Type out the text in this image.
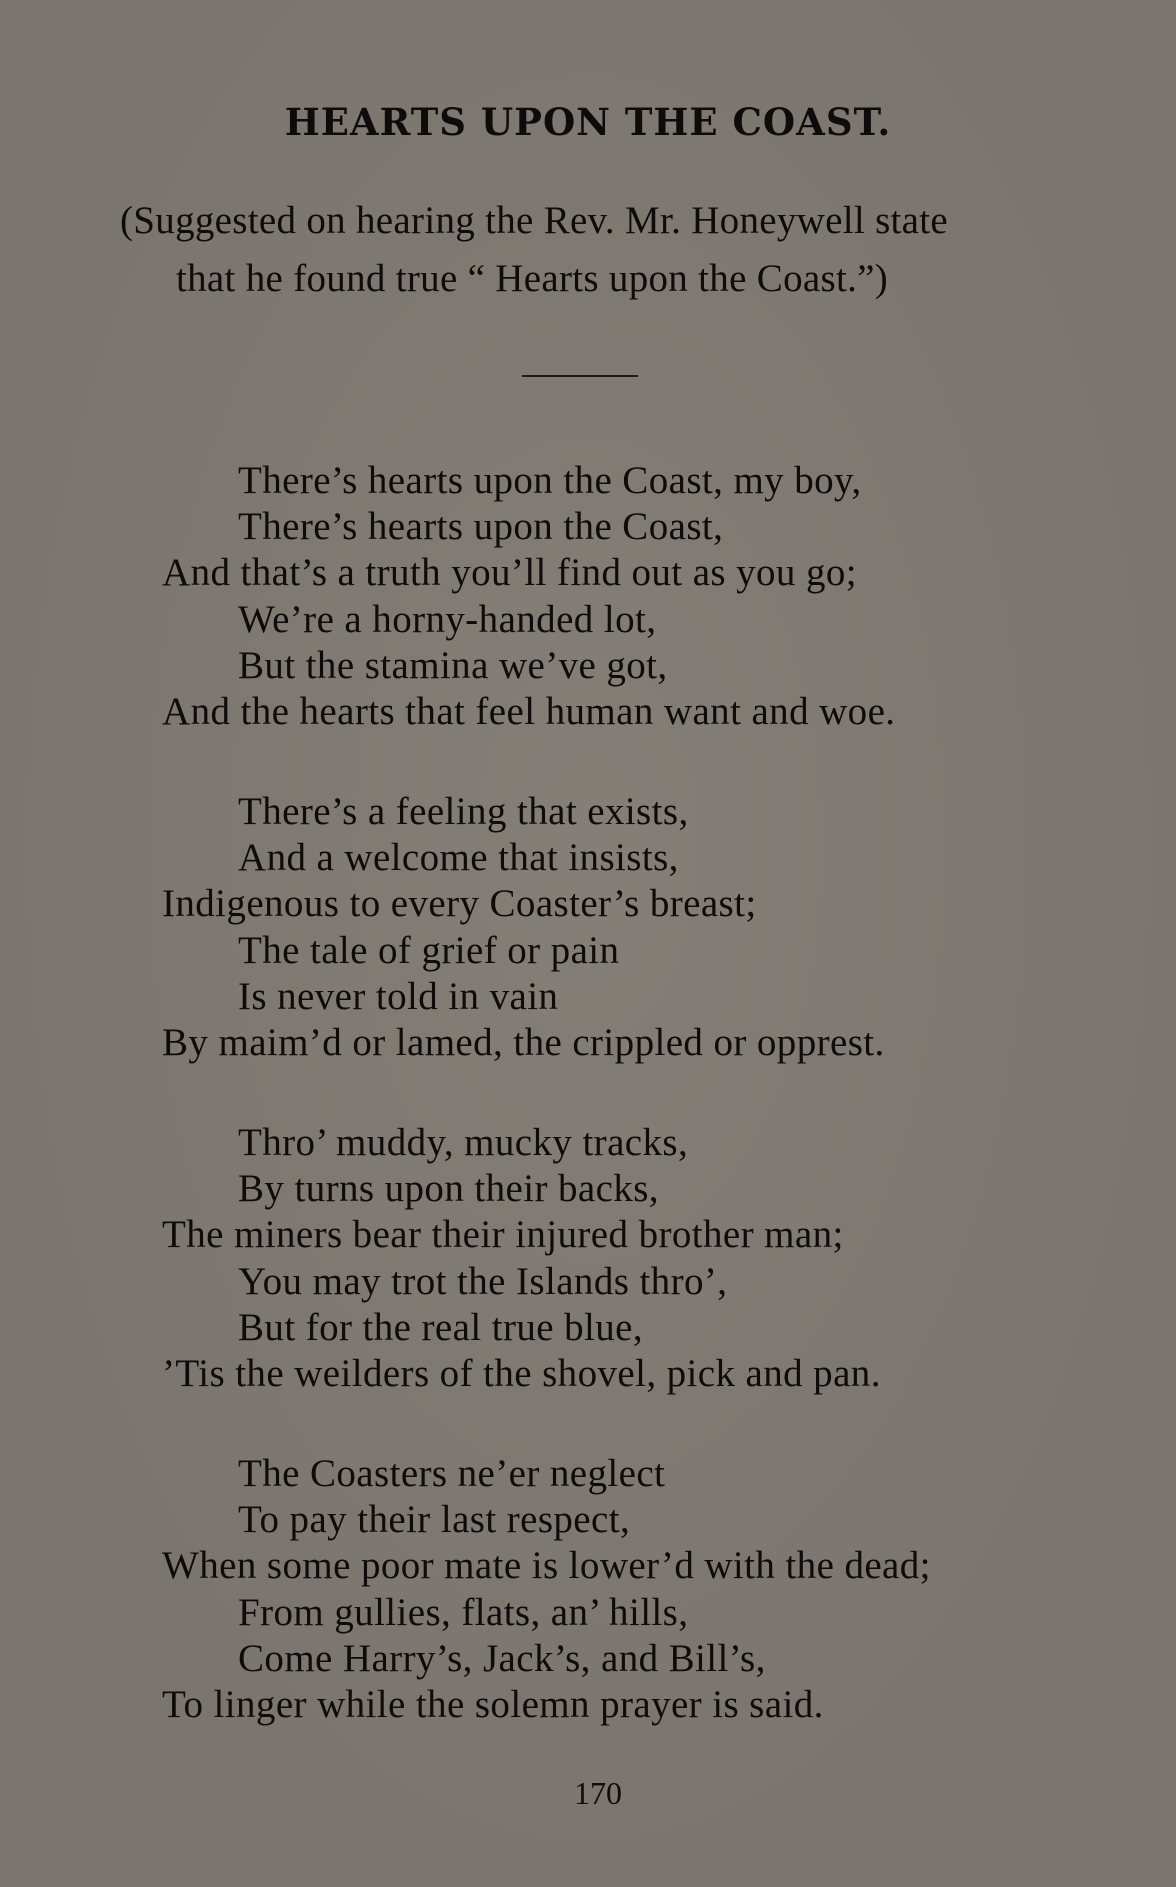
HEARTS UPON THE COAST.

(Suggested on hearing the Rev. Mr. Honeywell state
that he found true “ Hearts upon the Coast.”)

There’s hearts upon the Coast, my boy,
There’s hearts upon the Coast,
And that’s a truth you’ll find out as you go;
We’re a horny-handed lot,
But the stamina we’ve got,
And the hearts that feel human want and woe.
There’s a feeling that exists,
And a welcome that insists,
Indigenous to every Coaster’s breast;
The tale of grief or pain
Is never told in vain
By maim’d or lamed, the crippled or opprest.
Thro’ muddy, mucky tracks,
By turns upon their backs,
The miners bear their injured brother man;
You may trot the Islands thro’,
But for the real true blue,
’Tis the weilders of the shovel, pick and pan.
The Coasters ne’er neglect
To pay their last respect,
When some poor mate is lower’d with the dead;
From gullies, flats, an’ hills,
Come Harry’s, Jack’s, and Bill’s,
To linger while the solemn prayer is said.

170
